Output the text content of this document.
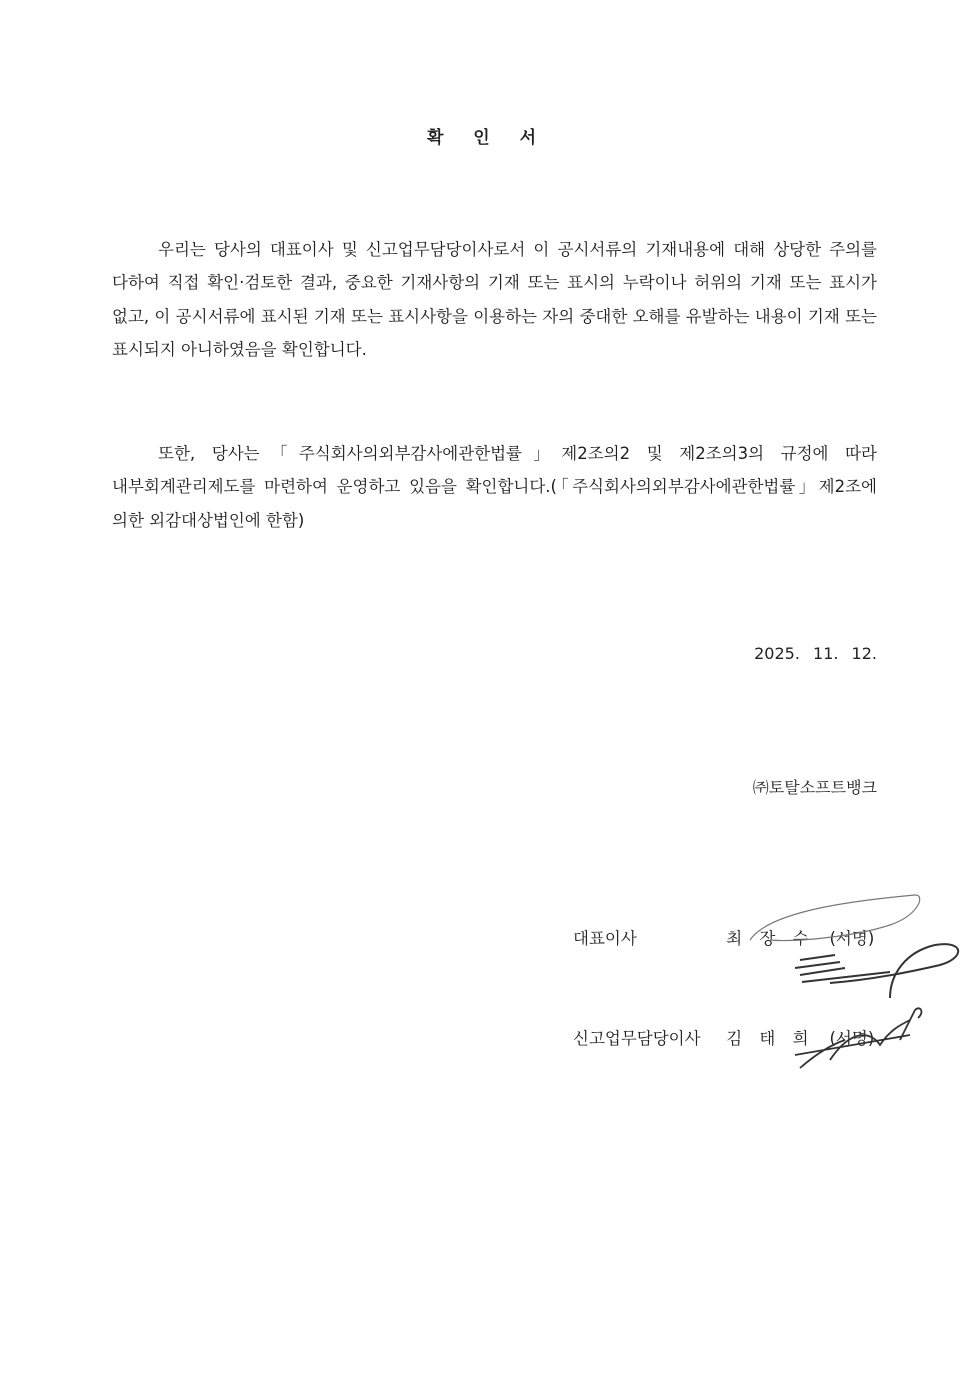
확 인 서

우리는 당사의 대표이사 및 신고업무담당이사로서 이 공시서류의 기재내용에 대해 상당한 주의를 다하여 직접 확인·검토한 결과, 중요한 기재사항의 기재 또는 표시의 누락이나 허위의 기재 또는 표시가 없고, 이 공시서류에 표시된 기재 또는 표시사항을 이용하는 자의 중대한 오해를 유발하는 내용이 기재 또는 표시되지 아니하였음을 확인합니다.

또한, 당사는「주식회사의외부감사에관한법률」제2조의2 및 제2조의3의 규정에 따라 내부회계관리제도를 마련하여 운영하고 있음을 확인합니다.(「주식회사의외부감사에관한법률」제2조에 의한 외감대상법인에 한함)

2025. 11. 12.
㈜토탈소프트뱅크
대표이사	최 장 수 (서명)
신고업무담당이사 김 태 희 (서명)
